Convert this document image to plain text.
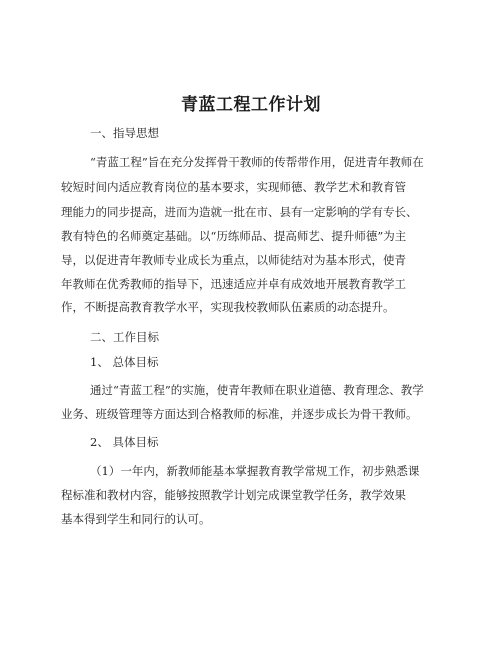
青蓝工程工作计划
一、指导思想
“青蓝工程”旨在充分发挥骨干教师的传帮带作用，促进青年教师在
较短时间内适应教育岗位的基本要求，实现师德、教学艺术和教育管
理能力的同步提高，进而为造就一批在市、县有一定影响的学有专长、
教有特色的名师奠定基础。以“历练师品、提高师艺、提升师德”为主
导，以促进青年教师专业成长为重点，以师徒结对为基本形式，使青
年教师在优秀教师的指导下，迅速适应并卓有成效地开展教育教学工
作，不断提高教育教学水平，实现我校教师队伍素质的动态提升。
二、工作目标
1、 总体目标
通过“青蓝工程”的实施，使青年教师在职业道德、教育理念、教学
业务、班级管理等方面达到合格教师的标准，并逐步成长为骨干教师。
2、 具体目标
（1）一年内，新教师能基本掌握教育教学常规工作，初步熟悉课
程标准和教材内容，能够按照教学计划完成课堂教学任务，教学效果
基本得到学生和同行的认可。
